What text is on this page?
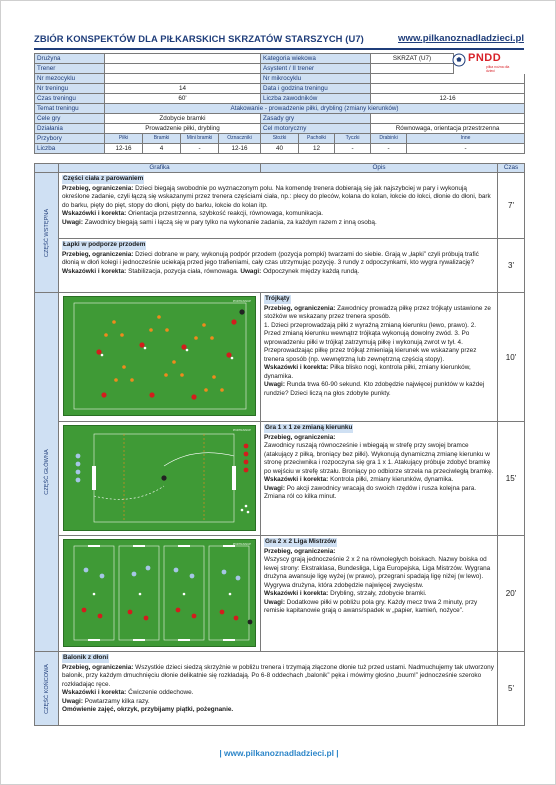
ZBIÓR KONSPEKTÓW DLA PIŁKARSKICH SKRZATÓW STARSZYCH (U7)	www.pilkanoznadladzieci.pl
Drużyna					Kategoria wiekowa			SKRZAT (U7)		
Trener					Asystent / II trener					
Nr mezocyklu					Nr mikrocyklu					
Nr treningu	14				Data i godzina treningu					
Czas treningu	60'				Liczba zawodników			12-16		
Temat treningu	Atakowanie - prowadzenie piłki, drybling (zmiany kierunków)									
Cele gry	Zdobycie bramki				Zasady gry					
Działania	Prowadzenie piłki, drybling				Cel motoryczny			Równowaga, orientacja przestrzenna		
Przybory	Piłki	Bramki	Mini bramki	Oznaczniki	Stożki	Pachołki	Tyczki	Drabinki	Inne	
Liczba	12-16	4	-	12-16	40	12	-	-	-	
PNDD
piłka nożna dla dzieci
	Grafika	Opis	Czas

CZĘŚĆ WSTĘPNA	Części ciała z parowaniem
Przebieg, ograniczenia: Dzieci biegają swobodnie po wyznaczonym polu. Na komendę trenera dobierają się jak najszybciej w pary i wykonują określone zadanie, czyli łączą się wskazanymi przez trenera częściami ciała, np.: plecy do pleców, kolana do kolan, łokcie do łokci, dłonie do dłoni, bark do barku, pięty do pięt, stopy do dłoni, pięty do barku, łokcie do kolan itp.
Wskazówki i korekta: Orientacja przestrzenna, szybkość reakcji, równowaga, komunikacja.
Uwagi: Zawodnicy biegają sami i łączą się w pary tylko na wykonanie zadania, za każdym razem z inną osobą.		7'
	Łapki w podporze przodem
Przebieg, ograniczenia: Dzieci dobrane w pary, wykonują podpór przodem (pozycja pompki) twarzami do siebie. Grają w „łapki” czyli próbują trafić dłonią w dłoń kolegi i jednocześnie uciekają przed jego trafieniami, cały czas utrzymując pozycję. 3 rundy z odpoczynkami, kto wygra rywalizację?
Wskazówki i korekta: Stabilizacja, pozycja ciała, równowaga. Uwagi: Odpoczynek między każdą rundą.		3'

CZĘŚĆ GŁÓWNA	PNDTRAINUP	Trójkąty
Przebieg, ograniczenia: Zawodnicy prowadzą piłkę przez trójkąty ustawione ze stożków we wskazany przez trenera sposób.
1. Dzieci przeprowadzają piłki z wyraźną zmianą kierunku (lewo, prawo). 2. Przed zmianą kierunku wewnątrz trójkąta wykonują dowolny zwód. 3. Po wprowadzeniu piłki w trójkąt zatrzymują piłkę i wykonują zwrot w tył. 4. Przeprowadzając piłkę przez trójkąt zmieniają kierunek we wskazany przez trenera sposób (np. wewnętrzną lub zewnętrzną częścią stopy).
Wskazówki i korekta: Piłka blisko nogi, kontrola piłki, zmiany kierunków, dynamika.
Uwagi: Runda trwa 60-90 sekund. Kto zdobędzie najwięcej punktów w każdej rundzie? Dzieci liczą na głos zdobyte punkty.	10'

	PNDTRAINUP	Gra 1 x 1 ze zmianą kierunku
Przebieg, ograniczenia:
Zawodnicy ruszają równocześnie i wbiegają w strefę przy swojej bramce (atakujący z piłką, broniący bez piłki). Wykonują dynamiczną zmianę kierunku w stronę przeciwnika i rozpoczyna się gra 1 x 1. Atakujący próbuje zdobyć bramkę po wejściu w strefę strzału. Broniący po odbiorze strzela na przeciwległą bramkę.
Wskazówki i korekta: Kontrola piłki, zmiany kierunków, dynamika.
Uwagi: Po akcji zawodnicy wracają do swoich rzędów i rusza kolejna para. Zmiana ról co kilka minut.	15'

	PNDTRAINUP	Gra 2 x 2 Liga Mistrzów
Przebieg, ograniczenia:
Wszyscy grają jednocześnie 2 x 2 na równoległych boiskach. Nazwy boiska od lewej strony: Ekstraklasa, Bundesliga, Liga Europejska, Liga Mistrzów. Wygrana drużyna awansuje ligę wyżej (w prawo), przegrani spadają ligę niżej (w lewo). Wygrywa drużyna, która zdobędzie najwięcej zwycięstw.
Wskazówki i korekta: Drybling, strzały, zdobycie bramki.
Uwagi: Dodatkowe piłki w pobliżu pola gry. Każdy mecz trwa 2 minuty, przy remisie kapitanowie grają o awans/spadek w „papier, kamień, nożyce”.	20'

CZĘŚĆ KOŃCOWA	Balonik z dłoni
Przebieg, ograniczenia: Wszystkie dzieci siedzą skrzyżnie w pobliżu trenera i trzymają złączone dłonie tuż przed ustami. Nadmuchujemy tak utworzony balonik, przy każdym dmuchnięciu dłonie delikatnie się rozkładają. Po 6-8 oddechach „balonik” pęka i mówimy głośno „buum!” jednocześnie szeroko rozkładając ręce.
Wskazówki i korekta: Ćwiczenie oddechowe.
Uwagi: Powtarzamy kilka razy.
Omówienie zajęć, okrzyk, przybijamy piątki, pożegnanie.		5'
| www.pilkanoznadladzieci.pl |
